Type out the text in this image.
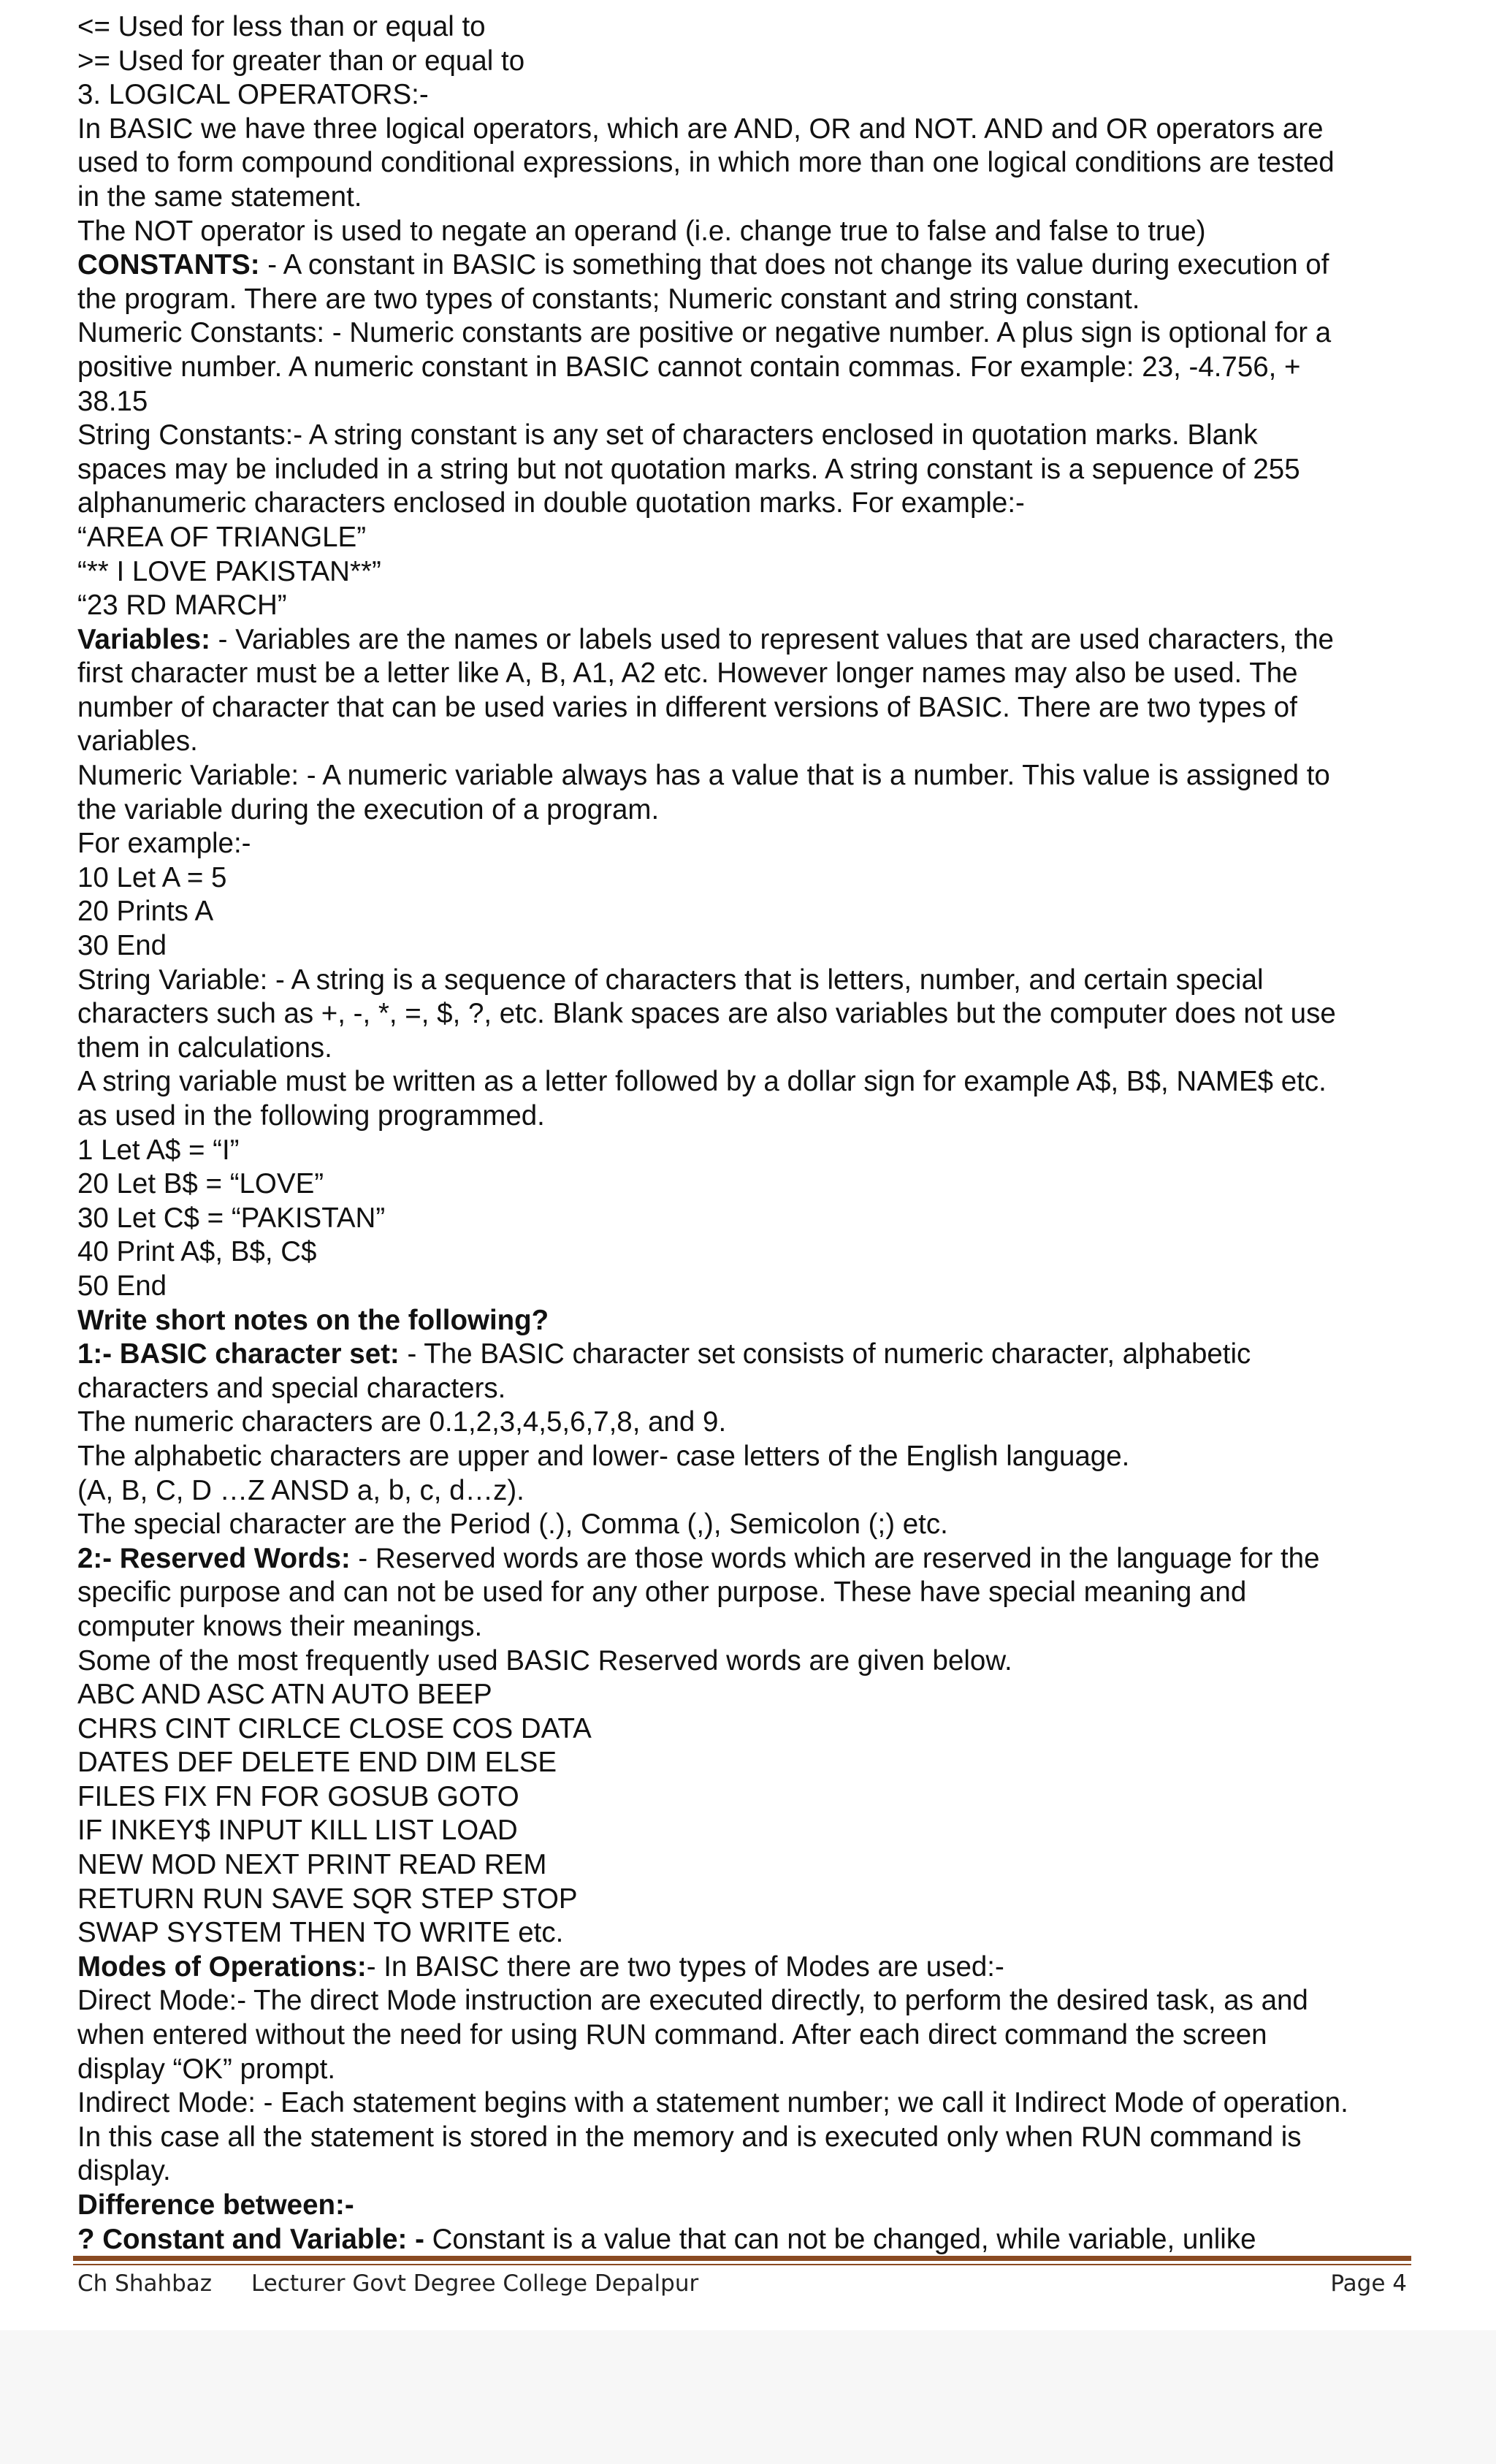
<= Used for less than or equal to

>= Used for greater than or equal to

3. LOGICAL OPERATORS:-

In BASIC we have three logical operators, which are AND, OR and NOT. AND and OR operators are

used to form compound conditional expressions, in which more than one logical conditions are tested

in the same statement.

The NOT operator is used to negate an operand (i.e. change true to false and false to true)

CONSTANTS: - A constant in BASIC is something that does not change its value during execution of

the program. There are two types of constants; Numeric constant and string constant.

Numeric Constants: - Numeric constants are positive or negative number. A plus sign is optional for a

positive number. A numeric constant in BASIC cannot contain commas. For example: 23, -4.756, +

38.15

String Constants:- A string constant is any set of characters enclosed in quotation marks. Blank

spaces may be included in a string but not quotation marks. A string constant is a sepuence of 255

alphanumeric characters enclosed in double quotation marks. For example:-

“AREA OF TRIANGLE”

“** I LOVE PAKISTAN**”

“23 RD MARCH”

Variables: - Variables are the names or labels used to represent values that are used characters, the

first character must be a letter like A, B, A1, A2 etc. However longer names may also be used. The

number of character that can be used varies in different versions of BASIC. There are two types of

variables.

Numeric Variable: - A numeric variable always has a value that is a number. This value is assigned to

the variable during the execution of a program.

For example:-

10 Let A = 5

20 Prints A

30 End

String Variable: - A string is a sequence of characters that is letters, number, and certain special

characters such as +, -, *, =, $, ?, etc. Blank spaces are also variables but the computer does not use

them in calculations.

A string variable must be written as a letter followed by a dollar sign for example A$, B$, NAME$ etc.

as used in the following programmed.

1 Let A$ = “I”

20 Let B$ = “LOVE”

30 Let C$ = “PAKISTAN”

40 Print A$, B$, C$

50 End

Write short notes on the following?

1:- BASIC character set: - The BASIC character set consists of numeric character, alphabetic

characters and special characters.

The numeric characters are 0.1,2,3,4,5,6,7,8, and 9.

The alphabetic characters are upper and lower- case letters of the English language.

(A, B, C, D …Z ANSD a, b, c, d…z).

The special character are the Period (.), Comma (,), Semicolon (;) etc.

2:- Reserved Words: - Reserved words are those words which are reserved in the language for the

specific purpose and can not be used for any other purpose. These have special meaning and

computer knows their meanings.

Some of the most frequently used BASIC Reserved words are given below.

ABC AND ASC ATN AUTO BEEP

CHRS CINT CIRLCE CLOSE COS DATA

DATES DEF DELETE END DIM ELSE

FILES FIX FN FOR GOSUB GOTO

IF INKEY$ INPUT KILL LIST LOAD

NEW MOD NEXT PRINT READ REM

RETURN RUN SAVE SQR STEP STOP

SWAP SYSTEM THEN TO WRITE etc.

Modes of Operations:- In BAISC there are two types of Modes are used:-

Direct Mode:- The direct Mode instruction are executed directly, to perform the desired task, as and

when entered without the need for using RUN command. After each direct command the screen

display “OK” prompt.

Indirect Mode: - Each statement begins with a statement number; we call it Indirect Mode of operation.

In this case all the statement is stored in the memory and is executed only when RUN command is

display.

Difference between:-

? Constant and Variable: - Constant is a value that can not be changed, while variable, unlike

Ch Shahbaz Lecturer Govt Degree College Depalpur	Page 4
